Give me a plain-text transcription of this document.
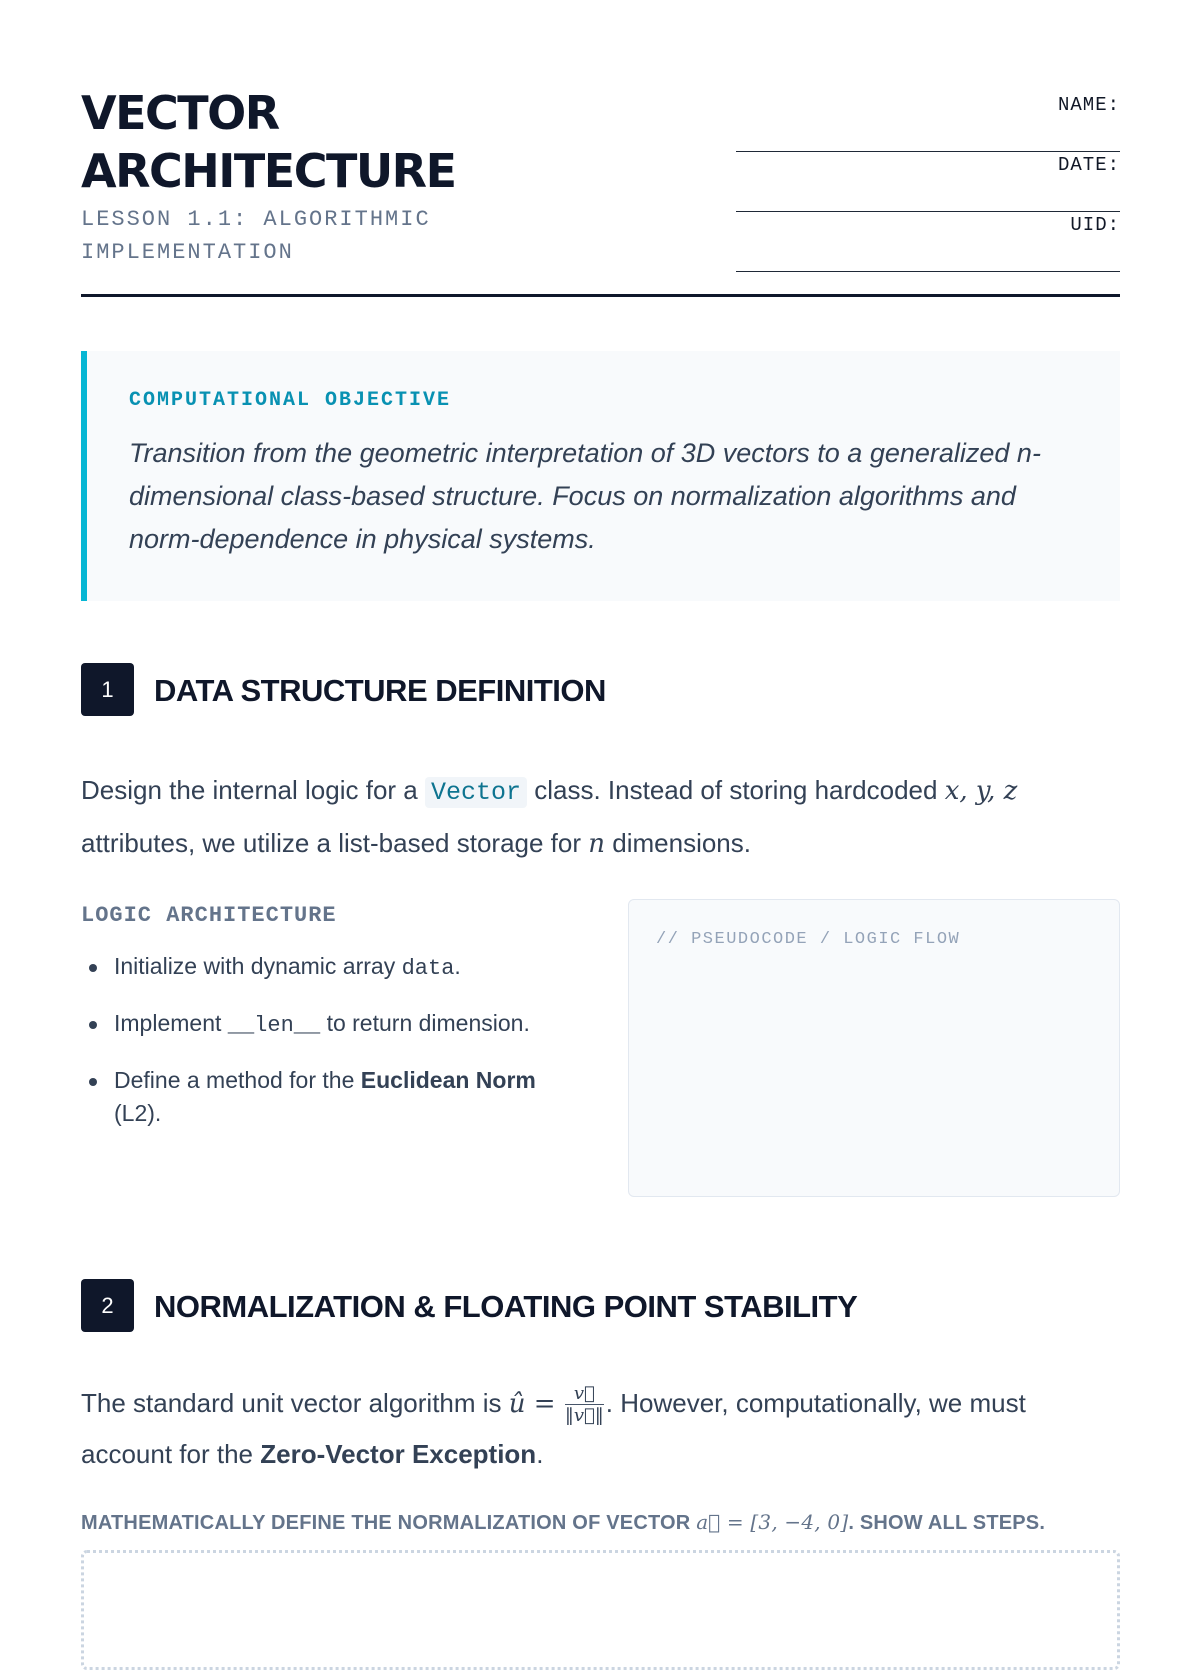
VECTOR
ARCHITECTURE
LESSON 1.1: ALGORITHMIC IMPLEMENTATION
NAME:
DATE:
UID:
COMPUTATIONAL OBJECTIVE

Transition from the geometric interpretation of 3D vectors to a generalized n-dimensional class-based structure. Focus on normalization algorithms and norm-dependence in physical systems.

1	DATA STRUCTURE DEFINITION

Design the internal logic for a Vector class. Instead of storing hardcoded x, y, z attributes, we utilize a list-based storage for n dimensions.

LOGIC ARCHITECTURE
Initialize with dynamic array data.
Implement __len__ to return dimension.
Define a method for the Euclidean Norm (L2).
// PSEUDOCODE / LOGIC FLOW
2	NORMALIZATION & FLOATING POINT STABILITY

The standard unit vector algorithm is û = $\frac{v⃗}{‖v⃗‖}$ . However, computationally, we must account for the Zero-Vector Exception.

MATHEMATICALLY DEFINE THE NORMALIZATION OF VECTOR a⃗ = [3, −4, 0]. SHOW ALL STEPS.
